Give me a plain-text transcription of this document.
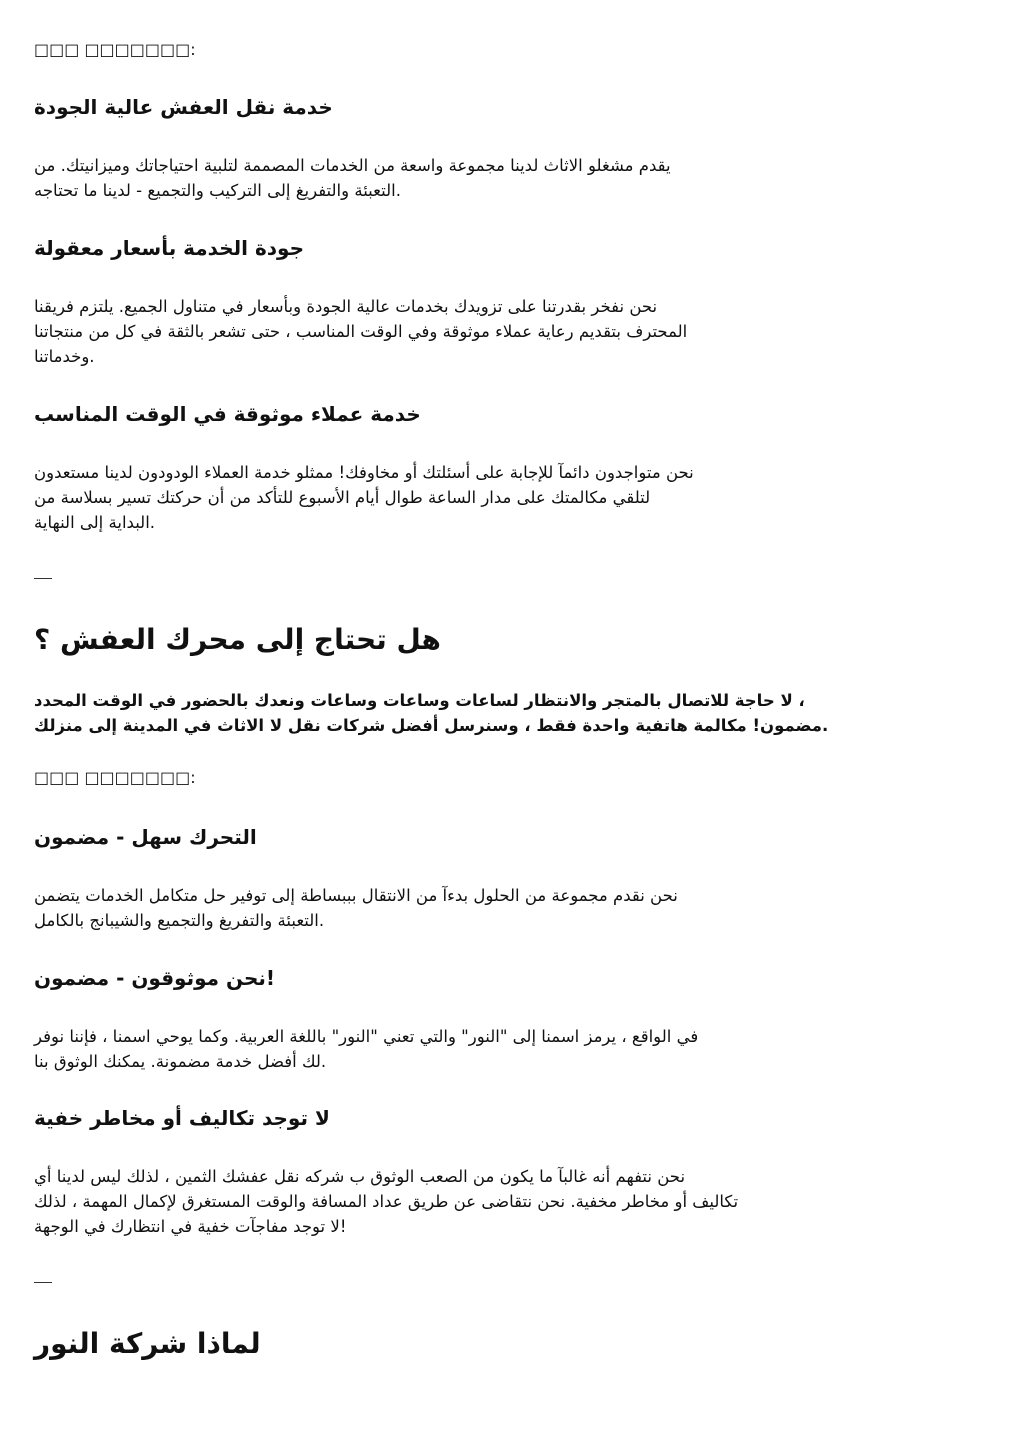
□□□ □□□□□□□:

خدمة نقل العفش عالية الجودة

يقدم مشغلو الاثاث لدينا مجموعة واسعة من الخدمات المصممة لتلبية احتياجاتك وميزانيتك. من
التعبئة والتفريغ إلى التركيب والتجميع - لدينا ما تحتاجه.

جودة الخدمة بأسعار معقولة

نحن نفخر بقدرتنا على تزويدك بخدمات عالية الجودة وبأسعار في متناول الجميع. يلتزم فريقنا
المحترف بتقديم رعاية عملاء موثوقة وفي الوقت المناسب ، حتى تشعر بالثقة في كل من منتجاتنا
وخدماتنا.

خدمة عملاء موثوقة في الوقت المناسب

نحن متواجدون دائمآ للإجابة على أسئلتك أو مخاوفك! ممثلو خدمة العملاء الودودون لدينا مستعدون
لتلقي مكالمتك على مدار الساعة طوال أيام الأسبوع للتأكد من أن حركتك تسير بسلاسة من
البداية إلى النهاية.

هل تحتاج إلى محرك العفش ؟

لا حاجة للاتصال بالمتجر والانتظار لساعات وساعات وساعات ونعدك بالحضور في الوقت المحدد ،
مضمون! مكالمة هاتفية واحدة فقط ، وسنرسل أفضل شركات نقل لا الاثاث في المدينة إلى منزلك.

□□□ □□□□□□□:

التحرك سهل - مضمون

نحن نقدم مجموعة من الحلول بدءآ من الانتقال بببساطة إلى توفير حل متكامل الخدمات يتضمن
التعبئة والتفريغ والتجميع والشيبانج بالكامل.

نحن موثوقون - مضمون!

في الواقع ، يرمز اسمنا إلى "النور" والتي تعني "النور" باللغة العربية. وكما يوحي اسمنا ، فإننا نوفر
لك أفضل خدمة مضمونة. يمكنك الوثوق بنا.

لا توجد تكاليف أو مخاطر خفية

نحن نتفهم أنه غالبآ ما يكون من الصعب الوثوق ب شركه نقل عفشك الثمين ، لذلك ليس لدينا أي
تكاليف أو مخاطر مخفية. نحن نتقاضى عن طريق عداد المسافة والوقت المستغرق لإكمال المهمة ، لذلك
لا توجد مفاجآت خفية في انتظارك في الوجهة!

لماذا شركة النور
